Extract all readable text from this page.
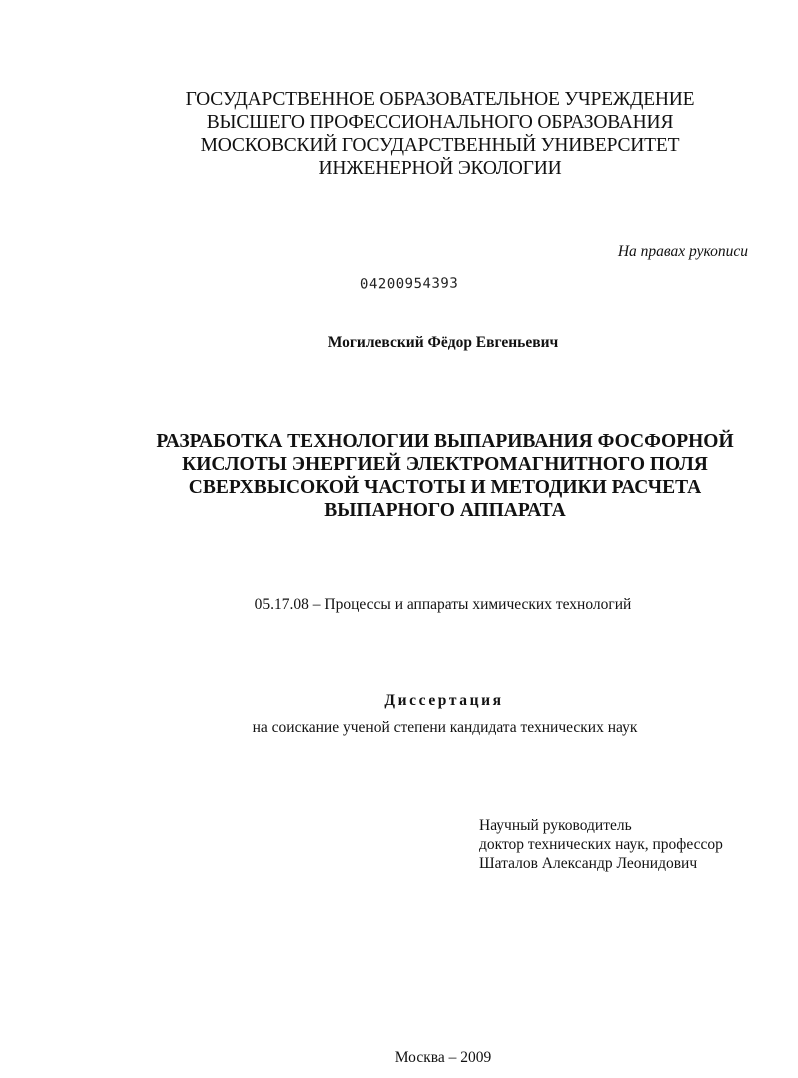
ГОСУДАРСТВЕННОЕ ОБРАЗОВАТЕЛЬНОЕ УЧРЕЖДЕНИЕ
ВЫСШЕГО ПРОФЕССИОНАЛЬНОГО ОБРАЗОВАНИЯ
МОСКОВСКИЙ ГОСУДАРСТВЕННЫЙ УНИВЕРСИТЕТ
ИНЖЕНЕРНОЙ ЭКОЛОГИИ
На правах рукописи
04200954393
Могилевский Фёдор Евгеньевич
РАЗРАБОТКА ТЕХНОЛОГИИ ВЫПАРИВАНИЯ ФОСФОРНОЙ
КИСЛОТЫ ЭНЕРГИЕЙ ЭЛЕКТРОМАГНИТНОГО ПОЛЯ
СВЕРХВЫСОКОЙ ЧАСТОТЫ И МЕТОДИКИ РАСЧЕТА
ВЫПАРНОГО АППАРАТА
05.17.08 – Процессы и аппараты химических технологий
Диссертация
на соискание ученой степени кандидата технических наук
Научный руководитель
доктор технических наук, профессор
Шаталов Александр Леонидович
Москва – 2009
